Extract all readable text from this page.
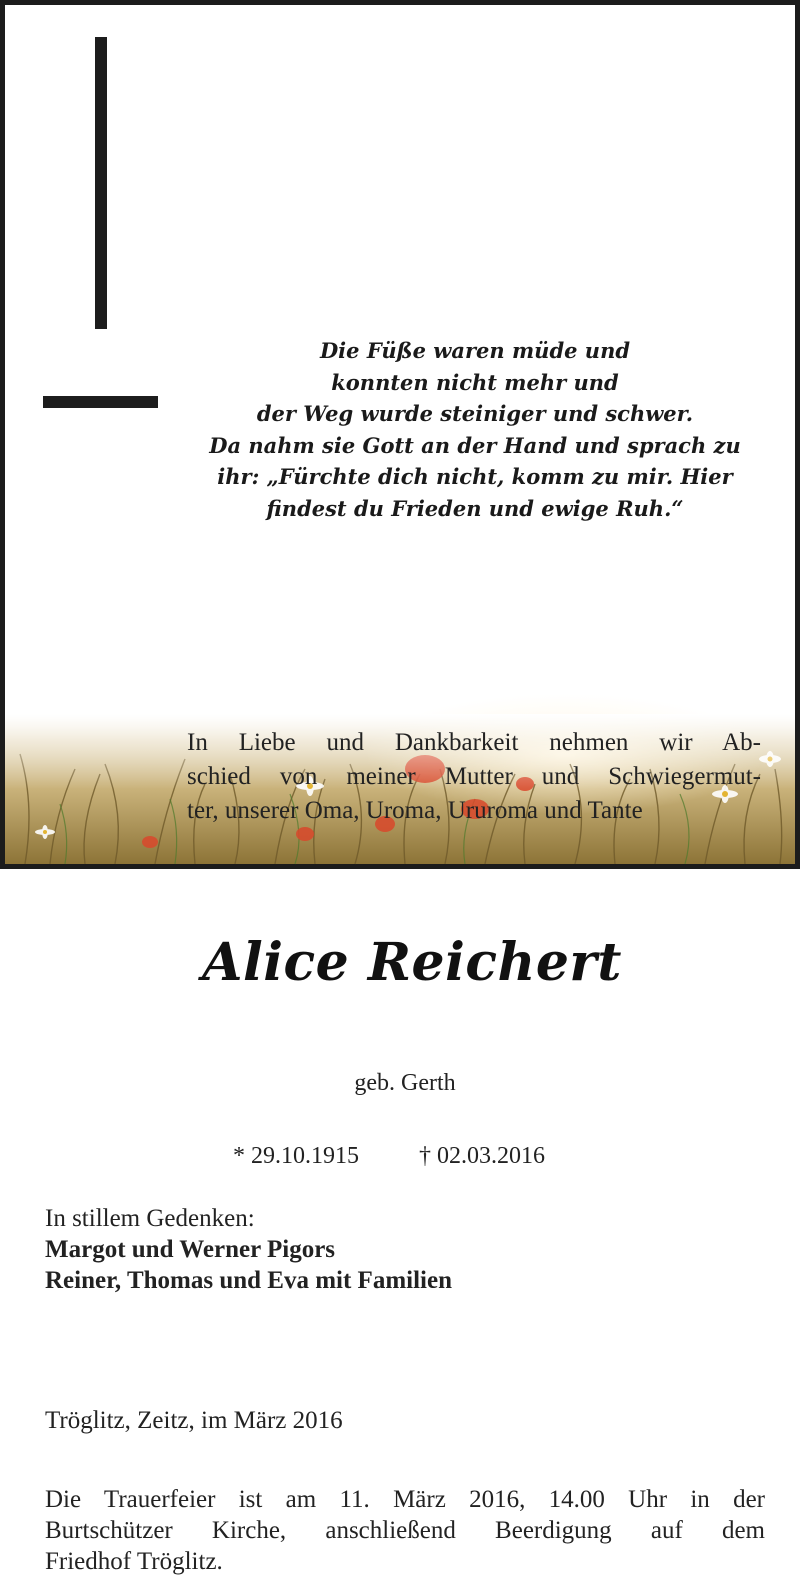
Die Füße waren müde und
konnten nicht mehr und
der Weg wurde steiniger und schwer.
Da nahm sie Gott an der Hand und sprach zu
ihr: „Fürchte dich nicht, komm zu mir. Hier
findest du Frieden und ewige Ruh.“
In Liebe und Dankbarkeit nehmen wir Ab-
schied von meiner Mutter und Schwiegermut-
ter, unserer Oma, Uroma, Ururoma und Tante
Alice Reichert
geb. Gerth
* 29.10.1915	† 02.03.2016
In stillem Gedenken:
Margot und Werner Pigors
Reiner, Thomas und Eva mit Familien
Tröglitz, Zeitz, im März 2016
Die Trauerfeier ist am 11. März 2016, 14.00 Uhr in der
Burtschützer Kirche, anschließend Beerdigung auf dem
Friedhof Tröglitz.
